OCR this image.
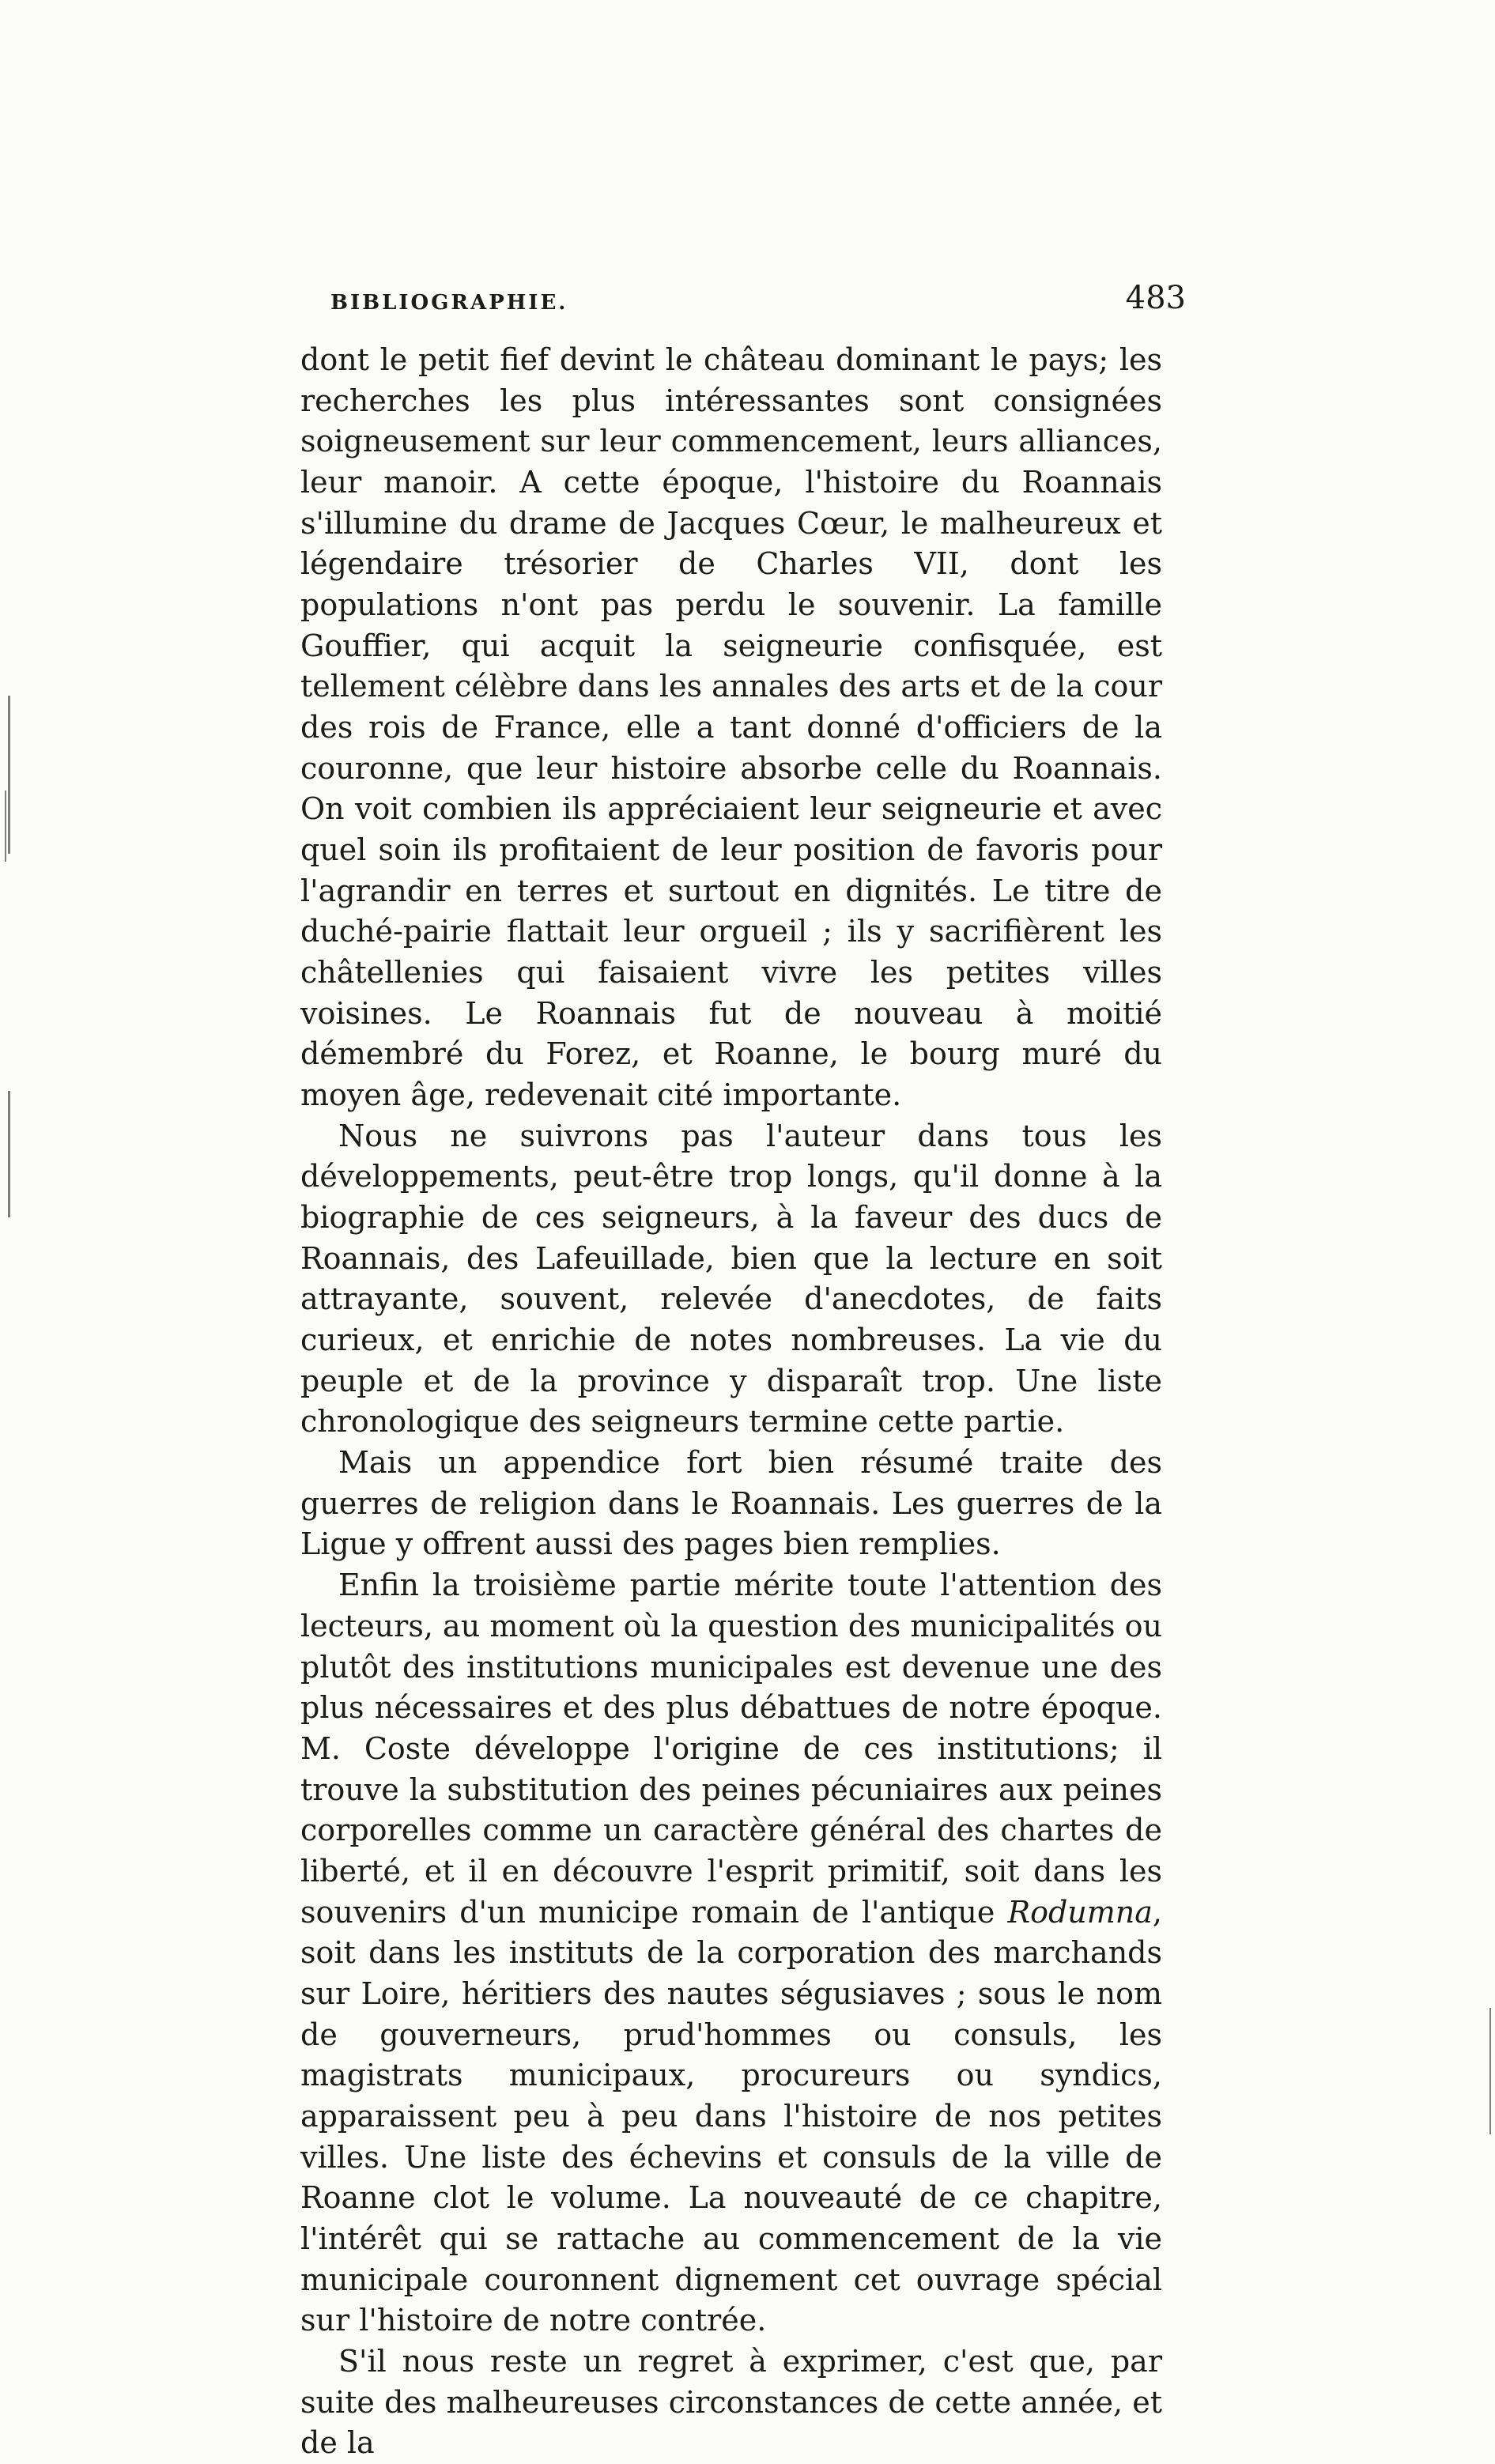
BIBLIOGRAPHIE.	483

dont le petit fief devint le château dominant le pays; les recherches les plus intéressantes sont consignées soigneusement sur leur commencement, leurs alliances, leur manoir. A cette époque, l'histoire du Roannais s'illumine du drame de Jacques Cœur, le malheureux et légendaire trésorier de Charles VII, dont les populations n'ont pas perdu le souvenir. La famille Gouffier, qui acquit la seigneurie confisquée, est tellement célèbre dans les annales des arts et de la cour des rois de France, elle a tant donné d'officiers de la couronne, que leur histoire absorbe celle du Roannais. On voit combien ils appréciaient leur seigneurie et avec quel soin ils profitaient de leur position de favoris pour l'agrandir en terres et surtout en dignités. Le titre de duché-pairie flattait leur orgueil ; ils y sacrifièrent les châtellenies qui faisaient vivre les petites villes voisines. Le Roannais fut de nouveau à moitié démembré du Forez, et Roanne, le bourg muré du moyen âge, redevenait cité importante.

Nous ne suivrons pas l'auteur dans tous les développements, peut-être trop longs, qu'il donne à la biographie de ces seigneurs, à la faveur des ducs de Roannais, des Lafeuillade, bien que la lecture en soit attrayante, souvent, relevée d'anecdotes, de faits curieux, et enrichie de notes nombreuses. La vie du peuple et de la province y disparaît trop. Une liste chronologique des seigneurs termine cette partie.

Mais un appendice fort bien résumé traite des guerres de religion dans le Roannais. Les guerres de la Ligue y offrent aussi des pages bien remplies.

Enfin la troisième partie mérite toute l'attention des lecteurs, au moment où la question des municipalités ou plutôt des institutions municipales est devenue une des plus nécessaires et des plus débattues de notre époque. M. Coste développe l'origine de ces institutions; il trouve la substitution des peines pécuniaires aux peines corporelles comme un caractère général des chartes de liberté, et il en découvre l'esprit primitif, soit dans les souvenirs d'un municipe romain de l'antique Rodumna, soit dans les instituts de la corporation des marchands sur Loire, héritiers des nautes ségusiaves ; sous le nom de gouverneurs, prud'hommes ou consuls, les magistrats municipaux, procureurs ou syndics, apparaissent peu à peu dans l'histoire de nos petites villes. Une liste des échevins et consuls de la ville de Roanne clot le volume. La nouveauté de ce chapitre, l'intérêt qui se rattache au commencement de la vie municipale couronnent dignement cet ouvrage spécial sur l'histoire de notre contrée.

S'il nous reste un regret à exprimer, c'est que, par suite des malheureuses circonstances de cette année, et de la
